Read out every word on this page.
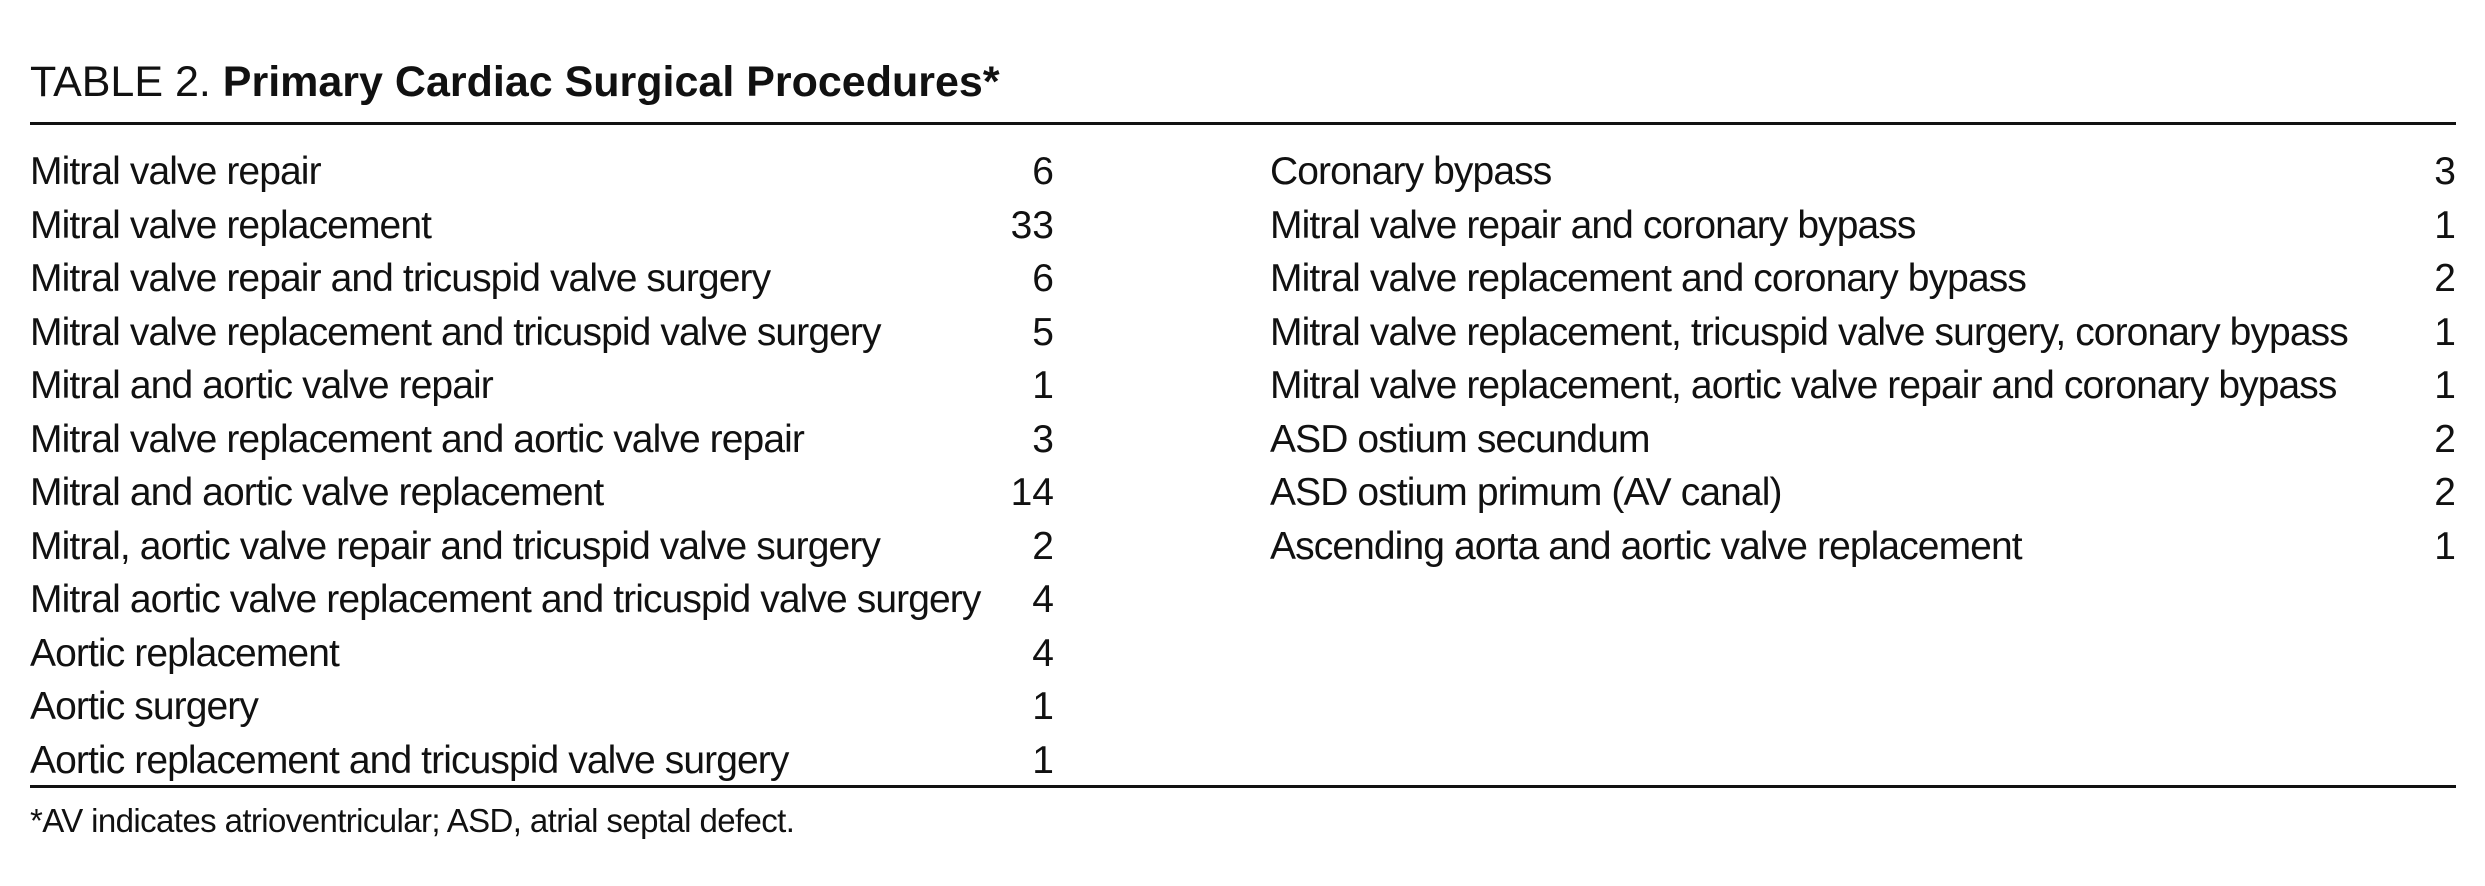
TABLE 2. Primary Cardiac Surgical Procedures*
Mitral valve repair	6
Mitral valve replacement	33
Mitral valve repair and tricuspid valve surgery	6
Mitral valve replacement and tricuspid valve surgery	5
Mitral and aortic valve repair	1
Mitral valve replacement and aortic valve repair	3
Mitral and aortic valve replacement	14
Mitral, aortic valve repair and tricuspid valve surgery	2
Mitral aortic valve replacement and tricuspid valve surgery 4
Aortic replacement	4
Aortic surgery	1
Aortic replacement and tricuspid valve surgery	1
Coronary bypass	3
Mitral valve repair and coronary bypass	1
Mitral valve replacement and coronary bypass	2
Mitral valve replacement, tricuspid valve surgery, coronary bypass 1
Mitral valve replacement, aortic valve repair and coronary bypass	1
ASD ostium secundum	2
ASD ostium primum (AV canal)	2
Ascending aorta and aortic valve replacement	1
*AV indicates atrioventricular; ASD, atrial septal defect.
